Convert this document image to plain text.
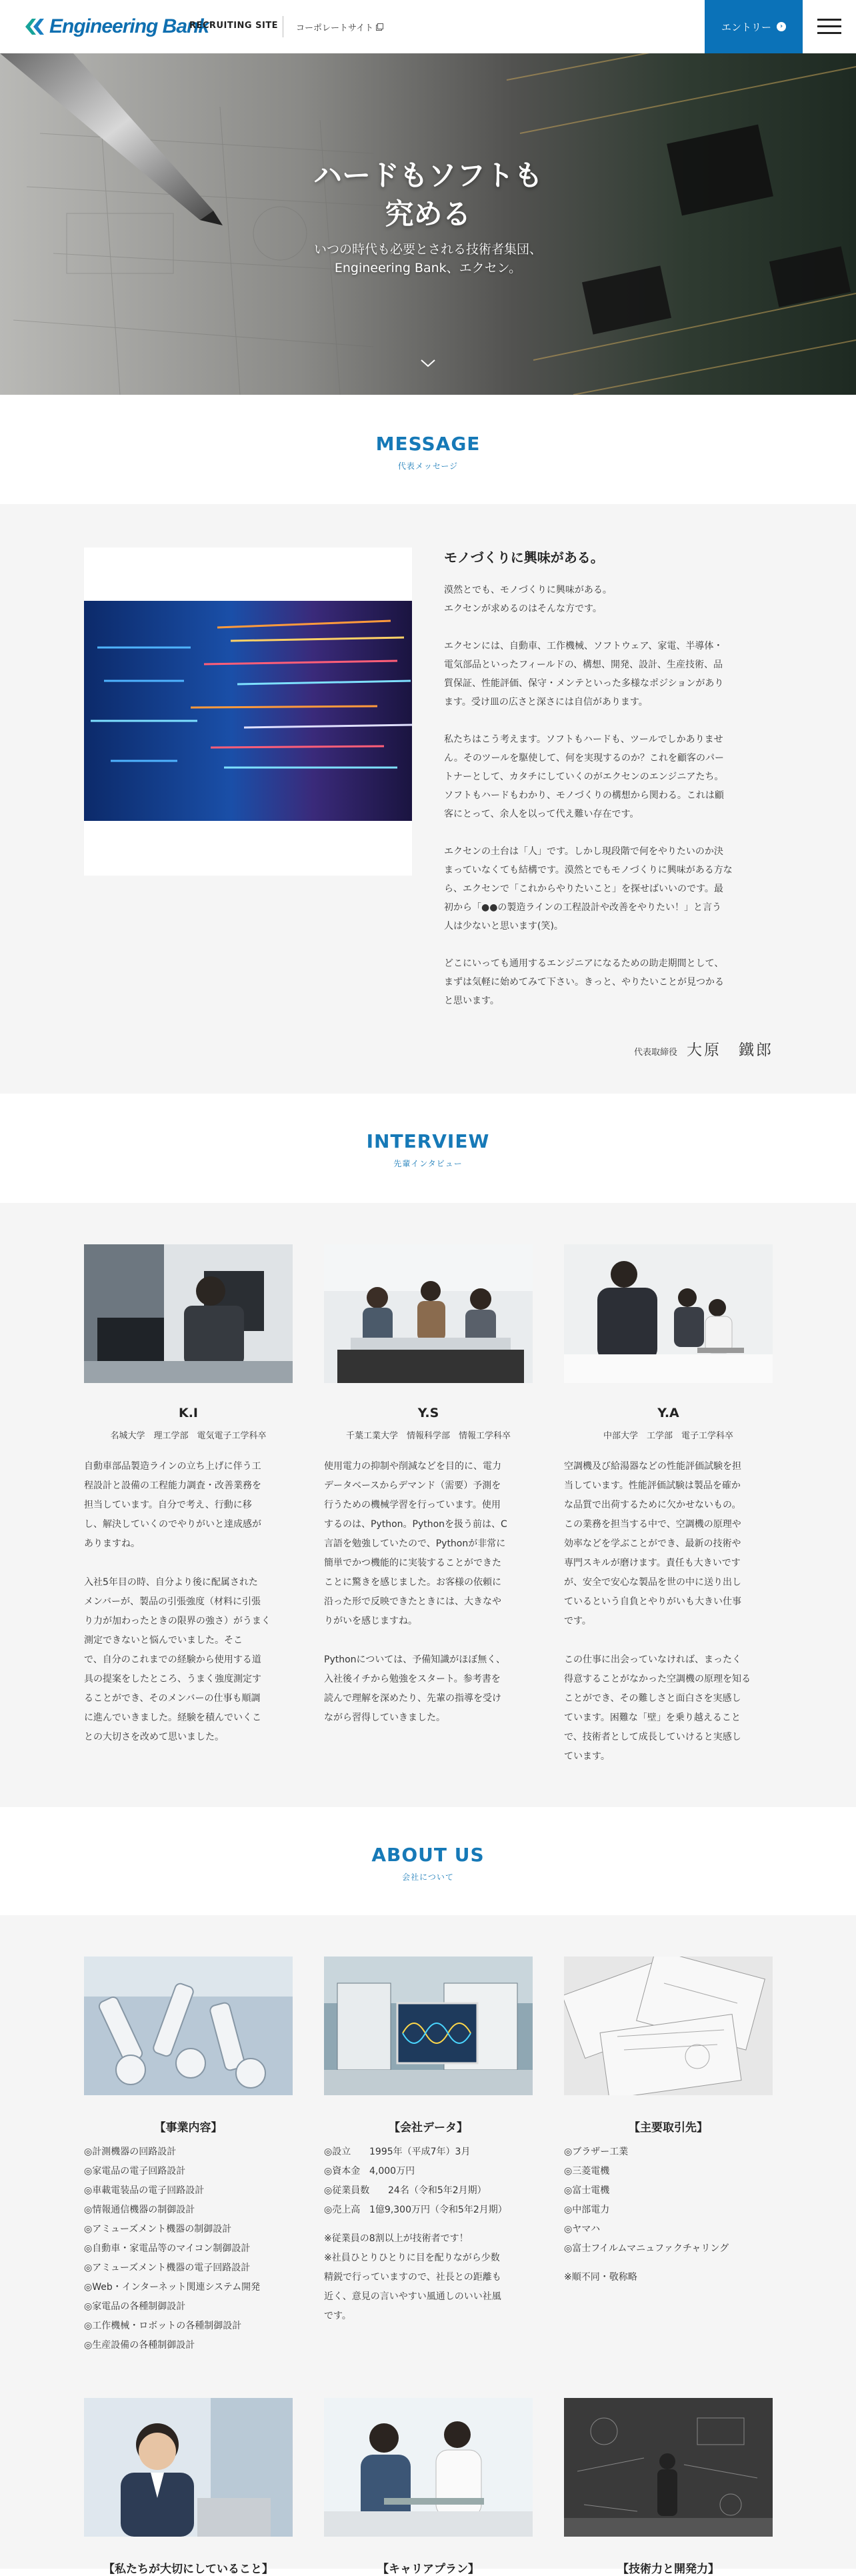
Engineering Bank
RECRUITING SITE コーポレートサイト	エントリー	›
ハードもソフトも
究める
いつの時代も必要とされる技術者集団、
Engineering Bank、エクセン。
MESSAGE
代表メッセージ
モノづくりに興味がある。

漠然とでも、モノづくりに興味がある。
エクセンが求めるのはそんな方です。

エクセンには、自動車、工作機械、ソフトウェア、家電、半導体・
電気部品といったフィールドの、構想、開発、設計、生産技術、品
質保証、性能評価、保守・メンテといった多様なポジションがあり
ます。受け皿の広さと深さには自信があります。

私たちはこう考えます。ソフトもハードも、ツールでしかありませ
ん。そのツールを駆使して、何を実現するのか？これを顧客のパー
トナーとして、カタチにしていくのがエクセンのエンジニアたち。
ソフトもハードもわかり、モノづくりの構想から関わる。これは顧
客にとって、余人を以って代え難い存在です。

エクセンの土台は「人」です。しかし現段階で何をやりたいのか決
まっていなくても結構です。漠然とでもモノづくりに興味がある方な
ら、エクセンで「これからやりたいこと」を探せばいいのです。最
初から「●●の製造ラインの工程設計や改善をやりたい！」と言う
人は少ないと思います(笑)。

どこにいっても通用するエンジニアになるための助走期間として、
まずは気軽に始めてみて下さい。きっと、やりたいことが見つかる
と思います。

代表取締役 大原　鐵郎
INTERVIEW
先輩インタビュー
K.I
名城大学　理工学部　電気電子工学科卒

自動車部品製造ラインの立ち上げに伴う工
程設計と設備の工程能力調査・改善業務を
担当しています。自分で考え、行動に移
し、解決していくのでやりがいと達成感が
ありますね。

入社5年目の時、自分より後に配属された
メンバーが、製品の引張強度（材料に引張
り力が加わったときの限界の強さ）がうまく
測定できないと悩んでいました。そこ
で、自分のこれまでの経験から使用する道
具の提案をしたところ、うまく強度測定す
ることができ、そのメンバーの仕事も順調
に進んでいきました。経験を積んでいくこ
との大切さを改めて思いました。

Y.S
千葉工業大学　情報科学部　情報工学科卒

使用電力の抑制や削減などを目的に、電力
データベースからデマンド（需要）予測を
行うための機械学習を行っています。使用
するのは、Python。Pythonを扱う前は、C
言語を勉強していたので、Pythonが非常に
簡単でかつ機能的に実装することができた
ことに驚きを感じました。お客様の依頼に
沿った形で反映できたときには、大きなや
りがいを感じますね。

Pythonについては、予備知識がほぼ無く、
入社後イチから勉強をスタート。参考書を
読んで理解を深めたり、先輩の指導を受け
ながら習得していきました。

Y.A
中部大学　工学部　電子工学科卒

空調機及び給湯器などの性能評価試験を担
当しています。性能評価試験は製品を確か
な品質で出荷するために欠かせないもの。
この業務を担当する中で、空調機の原理や
効率などを学ぶことができ、最新の技術や
専門スキルが磨けます。責任も大きいです
が、安全で安心な製品を世の中に送り出し
ているという自負とやりがいも大きい仕事
です。

この仕事に出会っていなければ、まったく
得意することがなかった空調機の原理を知る
ことができ、その難しさと面白さを実感し
ています。困難な「壁」を乗り越えること
で、技術者として成長していけると実感し
ています。

ABOUT US
会社について
【事業内容】
◎計測機器の回路設計
◎家電品の電子回路設計
◎車載電装品の電子回路設計
◎情報通信機器の制御設計
◎アミューズメント機器の制御設計
◎自動車・家電品等のマイコン制御設計
◎アミューズメント機器の電子回路設計
◎Web・インターネット関連システム開発
◎家電品の各種制御設計
◎工作機械・ロボットの各種制御設計
◎生産設備の各種制御設計
【会社データ】
◎設立 1995年（平成7年）3月
◎資本金 4,000万円
◎従業員数 24名（令和5年2月期）
◎売上高 1億9,300万円（令和5年2月期）
※従業員の8割以上が技術者です！
※社員ひとりひとりに目を配りながら少数
精鋭で行っていますので、社長との距離も
近く、意見の言いやすい風通しのいい社風
です。
【主要取引先】
◎ブラザー工業
◎三菱電機
◎富士電機
◎中部電力
◎ヤマハ
◎富士フイルムマニュファクチャリング
※順不同・敬称略
【私たちが大切にしていること】	【キャリアプラン】	【技術力と開発力】
